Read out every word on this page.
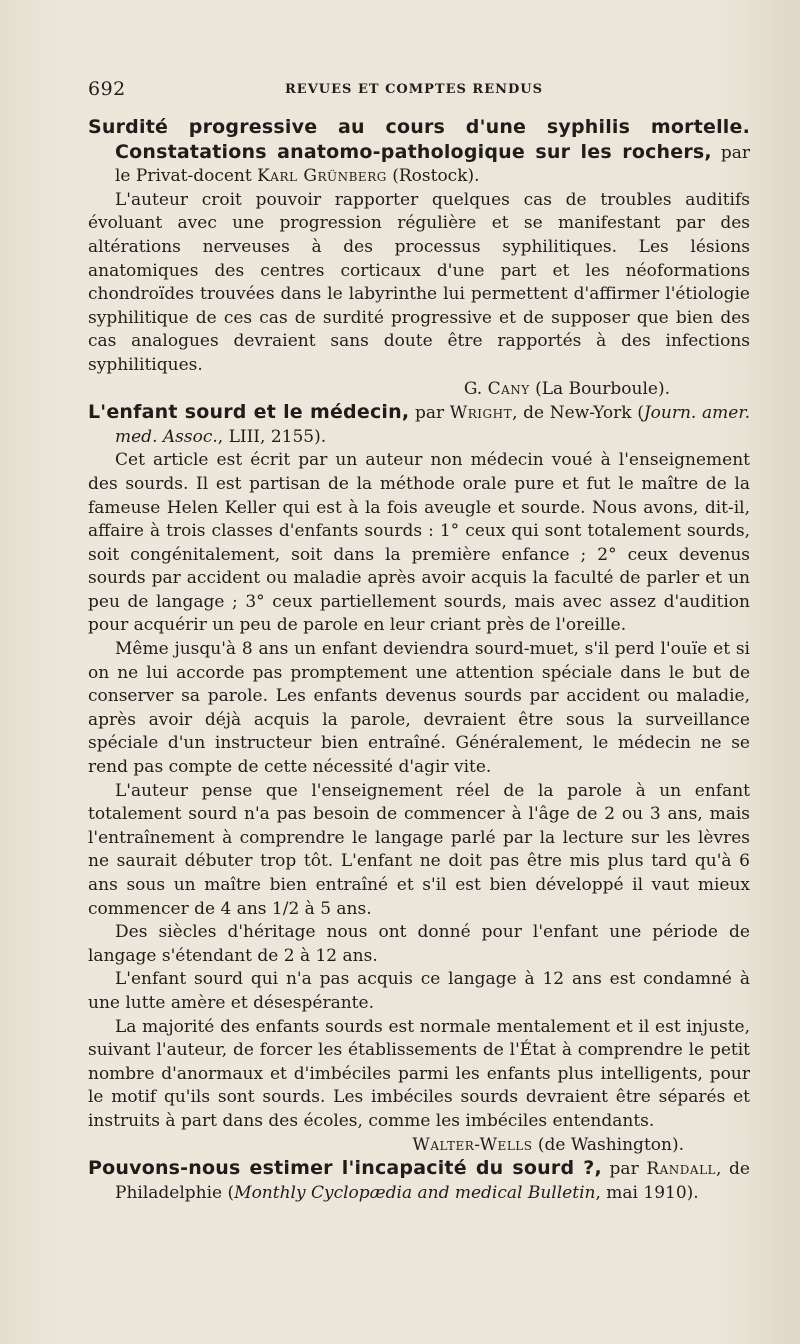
692	REVUES ET COMPTES RENDUS
Surdité progressive au cours d'une syphilis mortelle. Constatations anatomo-pathologique sur les rochers, par le Privat-docent Karl Grünberg (Rostock).

L'auteur croit pouvoir rapporter quelques cas de troubles auditifs évoluant avec une progression régulière et se manifestant par des altérations nerveuses à des processus syphilitiques. Les lésions anatomiques des centres corticaux d'une part et les néoformations chondroïdes trouvées dans le labyrinthe lui permettent d'affirmer l'étiologie syphilitique de ces cas de surdité progressive et de supposer que bien des cas analogues devraient sans doute être rapportés à des infections syphilitiques.

G. Cany (La Bourboule).

L'enfant sourd et le médecin, par Wright, de New-York (Journ. amer. med. Assoc., LIII, 2155).

Cet article est écrit par un auteur non médecin voué à l'enseignement des sourds. Il est partisan de la méthode orale pure et fut le maître de la fameuse Helen Keller qui est à la fois aveugle et sourde. Nous avons, dit-il, affaire à trois classes d'enfants sourds : 1° ceux qui sont totalement sourds, soit congénitalement, soit dans la première enfance ; 2° ceux devenus sourds par accident ou maladie après avoir acquis la faculté de parler et un peu de langage ; 3° ceux partiellement sourds, mais avec assez d'audition pour acquérir un peu de parole en leur criant près de l'oreille.

Même jusqu'à 8 ans un enfant deviendra sourd-muet, s'il perd l'ouïe et si on ne lui accorde pas promptement une attention spéciale dans le but de conserver sa parole. Les enfants devenus sourds par accident ou maladie, après avoir déjà acquis la parole, devraient être sous la surveillance spéciale d'un instructeur bien entraîné. Généralement, le médecin ne se rend pas compte de cette nécessité d'agir vite.

L'auteur pense que l'enseignement réel de la parole à un enfant totalement sourd n'a pas besoin de commencer à l'âge de 2 ou 3 ans, mais l'entraînement à comprendre le langage parlé par la lecture sur les lèvres ne saurait débuter trop tôt. L'enfant ne doit pas être mis plus tard qu'à 6 ans sous un maître bien entraîné et s'il est bien développé il vaut mieux commencer de 4 ans 1/2 à 5 ans.

Des siècles d'héritage nous ont donné pour l'enfant une période de langage s'étendant de 2 à 12 ans.

L'enfant sourd qui n'a pas acquis ce langage à 12 ans est condamné à une lutte amère et désespérante.

La majorité des enfants sourds est normale mentalement et il est injuste, suivant l'auteur, de forcer les établissements de l'État à comprendre le petit nombre d'anormaux et d'imbéciles parmi les enfants plus intelligents, pour le motif qu'ils sont sourds. Les imbéciles sourds devraient être séparés et instruits à part dans des écoles, comme les imbéciles entendants.

Walter-Wells (de Washington).

Pouvons-nous estimer l'incapacité du sourd ?, par Randall, de Philadelphie (Monthly Cyclopædia and medical Bulletin, mai 1910).
